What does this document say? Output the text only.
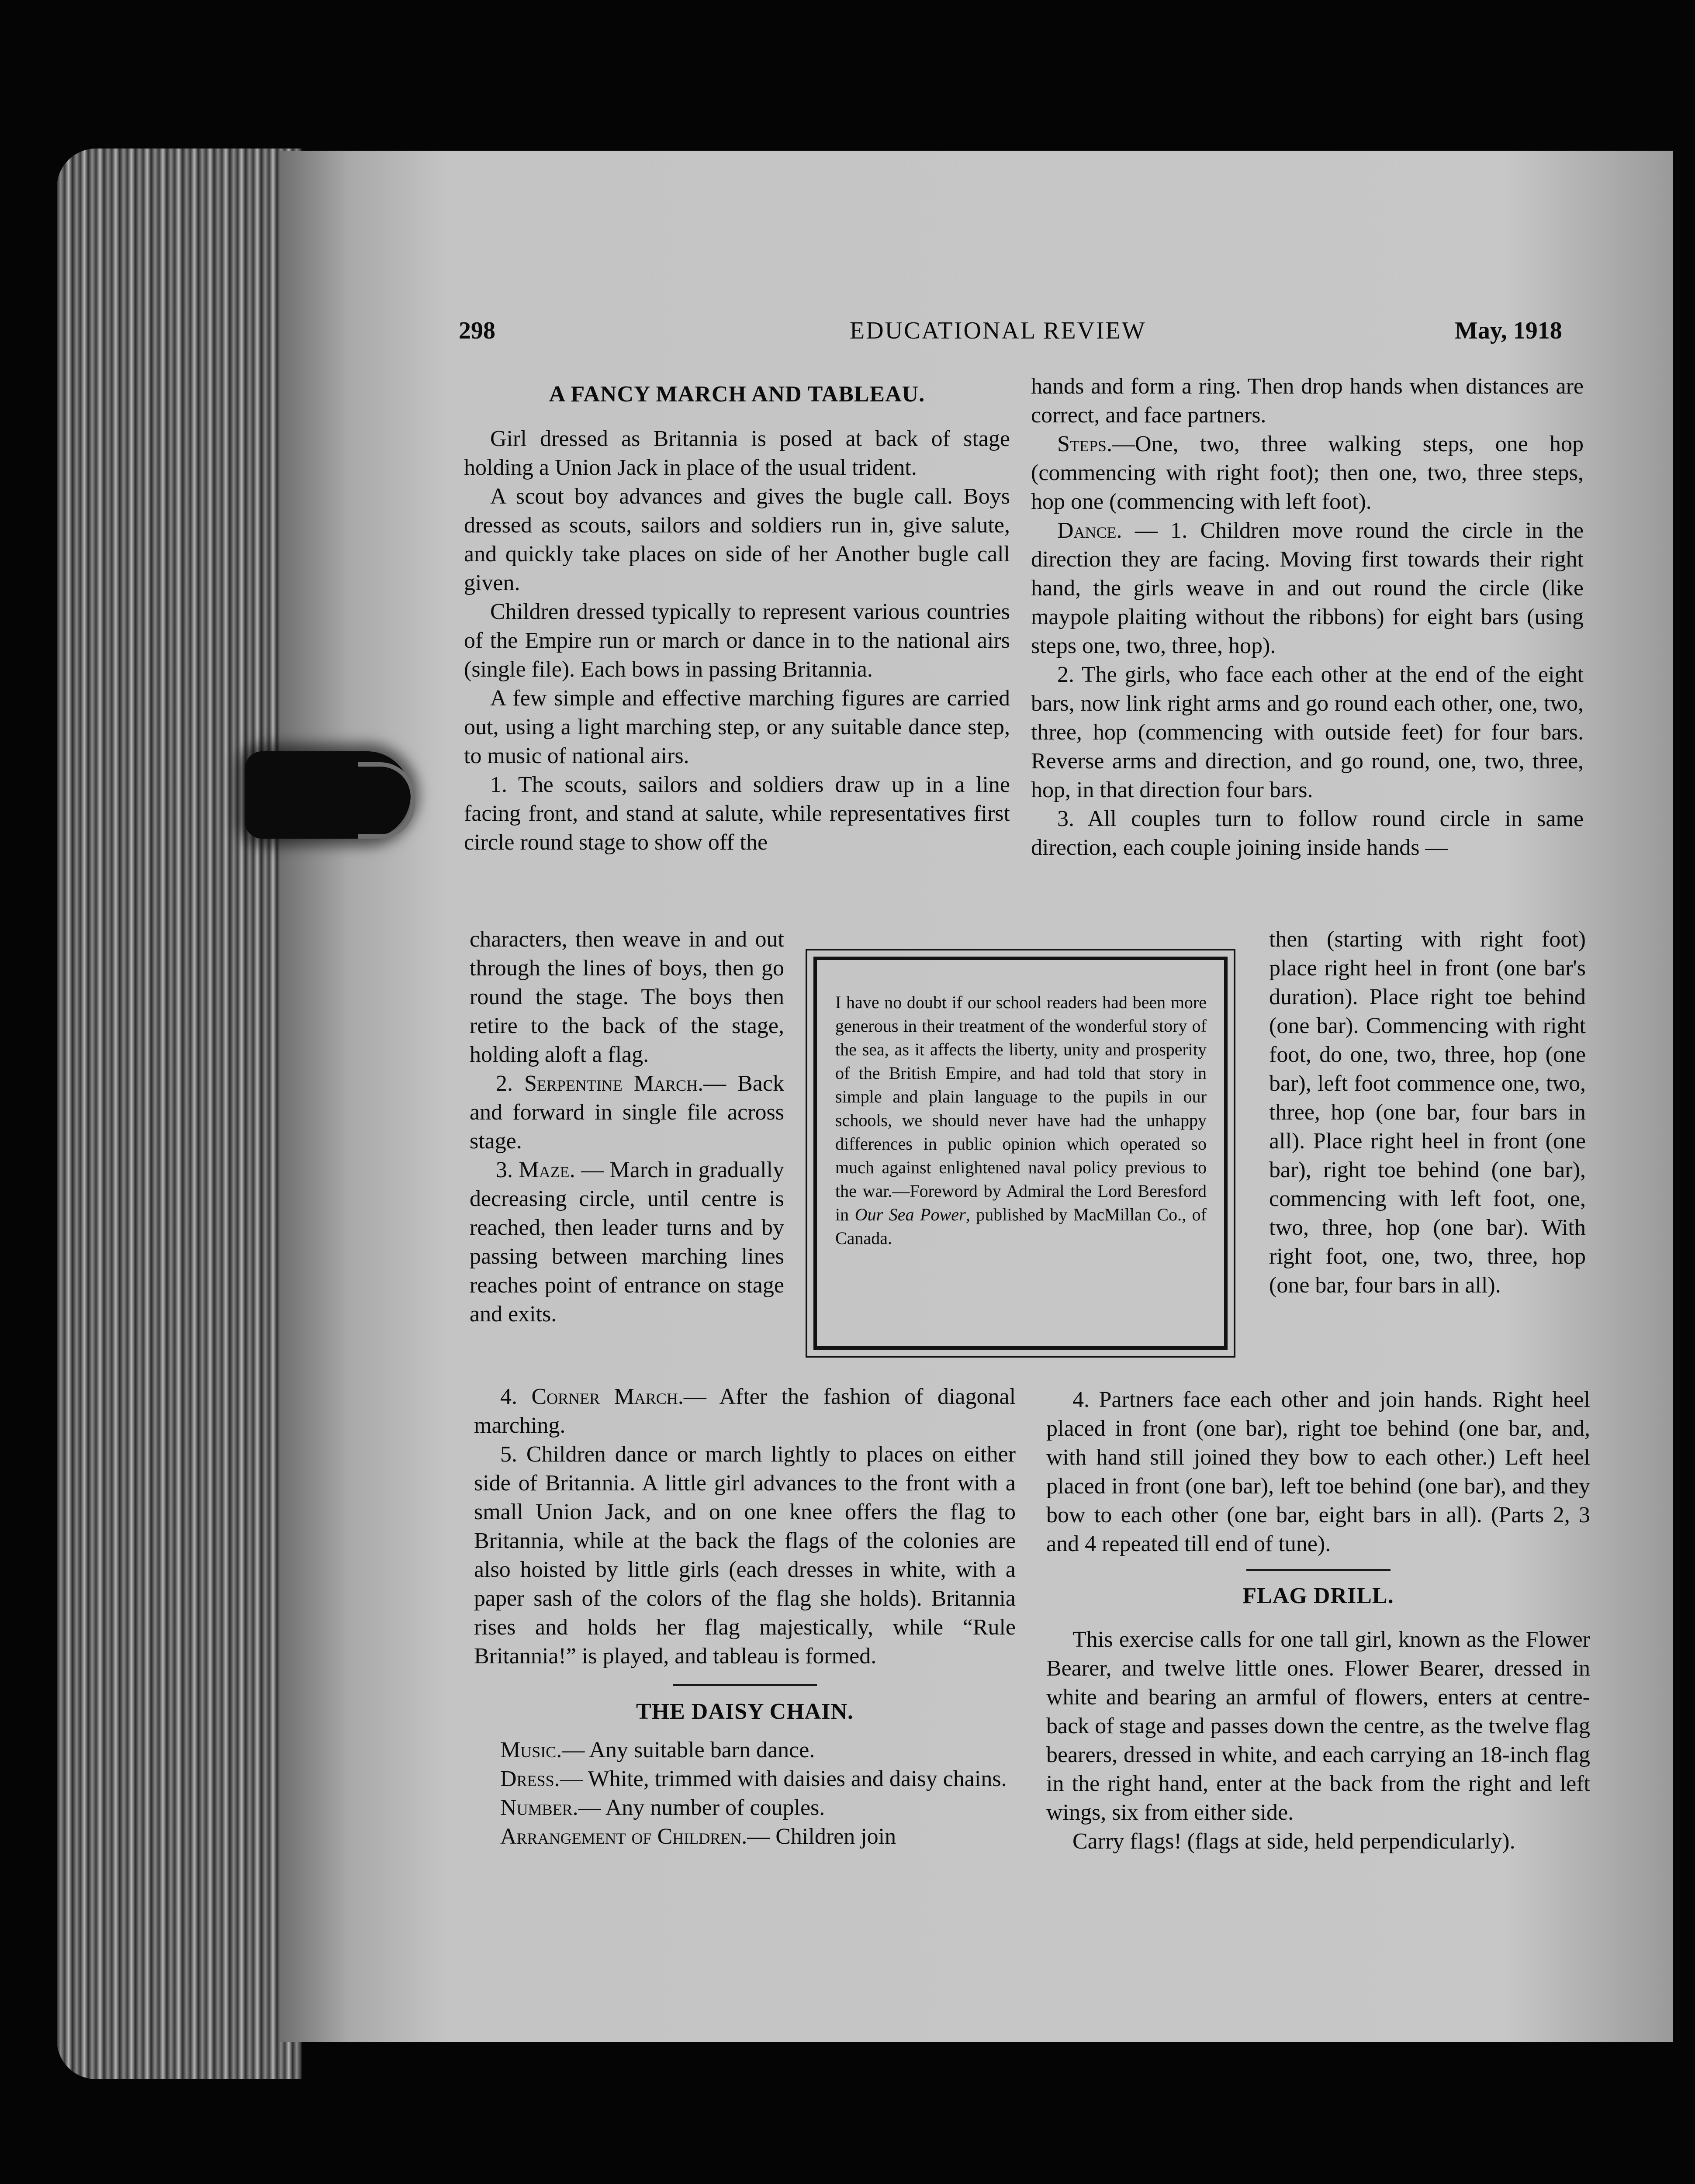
298	EDUCATIONAL REVIEW	May, 1918

A FANCY MARCH AND TABLEAU.

Girl dressed as Britannia is posed at back of stage holding a Union Jack in place of the usual trident.

A scout boy advances and gives the bugle call. Boys dressed as scouts, sailors and soldiers run in, give salute, and quickly take places on side of her Another bugle call given.

Children dressed typically to represent various countries of the Empire run or march or dance in to the national airs (single file). Each bows in passing Britannia.

A few simple and effective marching figures are carried out, using a light marching step, or any suitable dance step, to music of national airs.

1. The scouts, sailors and soldiers draw up in a line facing front, and stand at salute, while representatives first circle round stage to show off the

characters, then weave in and out through the lines of boys, then go round the stage. The boys then retire to the back of the stage, holding aloft a flag.

2. Serpentine March.— Back and forward in single file across stage.

3. Maze. — March in gradually decreasing circle, until centre is reached, then leader turns and by passing between marching lines reaches point of entrance on stage and exits.

4. Corner March.— After the fashion of diagonal marching.

5. Children dance or march lightly to places on either side of Britannia. A little girl advances to the front with a small Union Jack, and on one knee offers the flag to Britannia, while at the back the flags of the colonies are also hoisted by little girls (each dresses in white, with a paper sash of the colors of the flag she holds). Britannia rises and holds her flag majestically, while “Rule Britannia!” is played, and tableau is formed.

THE DAISY CHAIN.

Music.— Any suitable barn dance.

Dress.— White, trimmed with daisies and daisy chains.

Number.— Any number of couples.

Arrangement of Children.— Children join

hands and form a ring. Then drop hands when distances are correct, and face partners.

Steps.—One, two, three walking steps, one hop (commencing with right foot); then one, two, three steps, hop one (commencing with left foot).

Dance. — 1. Children move round the circle in the direction they are facing. Moving first towards their right hand, the girls weave in and out round the circle (like maypole plaiting without the ribbons) for eight bars (using steps one, two, three, hop).

2. The girls, who face each other at the end of the eight bars, now link right arms and go round each other, one, two, three, hop (commencing with outside feet) for four bars. Reverse arms and direction, and go round, one, two, three, hop, in that direction four bars.

3. All couples turn to follow round circle in same direction, each couple joining inside hands —

then (starting with right foot) place right heel in front (one bar's duration). Place right toe behind (one bar). Commencing with right foot, do one, two, three, hop (one bar), left foot commence one, two, three, hop (one bar, four bars in all). Place right heel in front (one bar), right toe behind (one bar), commencing with left foot, one, two, three, hop (one bar). With right foot, one, two, three, hop (one bar, four bars in all).

4. Partners face each other and join hands. Right heel placed in front (one bar), right toe behind (one bar, and, with hand still joined they bow to each other.) Left heel placed in front (one bar), left toe behind (one bar), and they bow to each other (one bar, eight bars in all). (Parts 2, 3 and 4 repeated till end of tune).

FLAG DRILL.

This exercise calls for one tall girl, known as the Flower Bearer, and twelve little ones. Flower Bearer, dressed in white and bearing an armful of flowers, enters at centre-back of stage and passes down the centre, as the twelve flag bearers, dressed in white, and each carrying an 18-inch flag in the right hand, enter at the back from the right and left wings, six from either side.

Carry flags! (flags at side, held perpendicularly).

I have no doubt if our school readers had been more generous in their treatment of the wonderful story of the sea, as it affects the liberty, unity and prosperity of the British Empire, and had told that story in simple and plain language to the pupils in our schools, we should never have had the unhappy differences in public opinion which operated so much against enlightened naval policy previous to the war.—Foreword by Admiral the Lord Beresford in Our Sea Power, published by MacMillan Co., of Canada.
